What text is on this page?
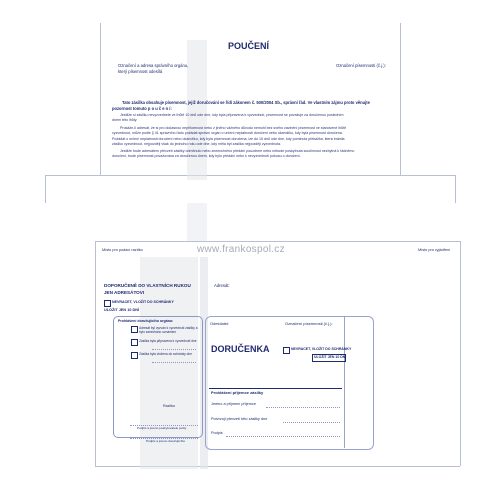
POUČENÍ
Označení a adresa správního orgánu,
který písemnost odesílá
Označení písemnosti (č.j.):
Tato zásilka obsahuje písemnost, jejíž doručování se řídí zákonem č. 500/2004 Sb., správní řád. Ve vlastním zájmu proto věnujte
pozornost tomuto p o u č e n í:
Jestliže si zásilku nevyzvednete ve lhůtě 10 dnů ode dne, kdy byla připravena k vyzvednutí, písemnost se považuje za doručenou posledním
dnem této lhůty.
Prokáže-li adresát, že si pro dočasnou nepřítomnost nebo z jiného vážného důvodu nemohl bez svého zavinění písemnost ve stanovené lhůtě
vyzvednout, může podle § 41 správního řádu požádat správní orgán o určení neplatnosti doručení nebo okamžiku, kdy byla písemnost doručena.
Požádat o určení neplatnosti doručení nebo okamžiku, kdy byla písemnost doručena, lze do 15 dnů ode dne, kdy pominula překážka, která bránila
zásilku vyzvednout, nejpozději však do jednoho roku ode dne, kdy měla být zásilka nejpozději vyzvednuta.
Jestliže bude adresátem převzetí zásilky odmítnuto nebo znemožněno předání pouzdrem nebo nebude poskytnuta součinnost nezbytná k řádnému
doručení, bude písemnost považována za doručenou dnem, kdy bylo předání nebo k nevyzvednutí pokusu o doručení.
Místo pro podací razítko	Místo pro vyjádření
www.frankospol.cz
DOPORUČENĚ DO VLASTNÍCH RUKOU
JEN ADRESÁTOVI
NEVRACET, VLOŽIT DO SCHRÁNKY
ULOŽIT JEN 10 DNÍ
Adresát:
Prohlášení doručujícího orgánu:
Adresát byl vyzván k vyzvednutí zásilky a bylo zanecháno oznámení
Zásilka byla připravena k vyzvednutí dne
Zásilka byla vložena do schránky dne
Razítko
Podpis a jméno poskytovatele pošty
Podpis a jméno doručujícího
Odesílatel:	Označení písemnosti (č.j.):
DORUČENKA	NEVRACET, VLOŽIT DO SCHRÁNKY
ULOŽIT JEN 10 DNÍ
Prohlášení příjemce zásilky
Jméno a příjmení příjemce
Potvrzuji převzetí této zásilky dne
Podpis
